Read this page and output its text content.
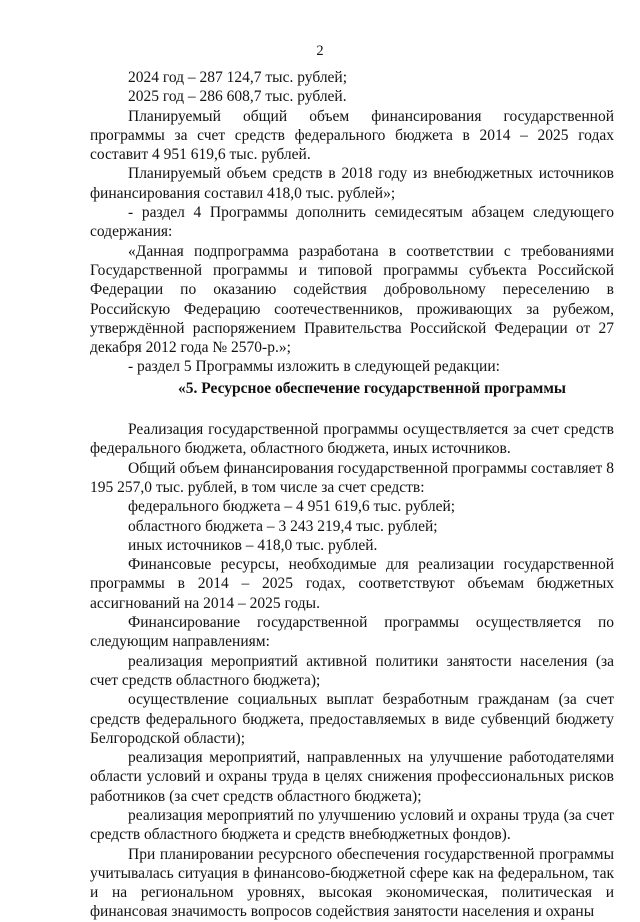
2

2024 год – 287 124,7 тыс. рублей;

2025 год – 286 608,7 тыс. рублей.

Планируемый общий объем финансирования государственной программы за счет средств федерального бюджета в 2014 – 2025 годах составит 4 951 619,6 тыс. рублей.

Планируемый объем средств в 2018 году из внебюджетных источников финансирования составил 418,0 тыс. рублей»;

- раздел 4 Программы дополнить семидесятым абзацем следующего содержания:

«Данная подпрограмма разработана в соответствии с требованиями Государственной программы и типовой программы субъекта Российской Федерации по оказанию содействия добровольному переселению в Российскую Федерацию соотечественников, проживающих за рубежом, утверждённой распоряжением Правительства Российской Федерации от 27 декабря 2012 года № 2570-р.»;

- раздел 5 Программы изложить в следующей редакции:

«5. Ресурсное обеспечение государственной программы

Реализация государственной программы осуществляется за счет средств федерального бюджета, областного бюджета, иных источников.

Общий объем финансирования государственной программы составляет 8 195 257,0 тыс. рублей, в том числе за счет средств:

федерального бюджета – 4 951 619,6 тыс. рублей;

областного бюджета – 3 243 219,4 тыс. рублей;

иных источников – 418,0 тыс. рублей.

Финансовые ресурсы, необходимые для реализации государственной программы в 2014 – 2025 годах, соответствуют объемам бюджетных ассигнований на 2014 – 2025 годы.

Финансирование государственной программы осуществляется по следующим направлениям:

реализация мероприятий активной политики занятости населения (за счет средств областного бюджета);

осуществление социальных выплат безработным гражданам (за счет средств федерального бюджета, предоставляемых в виде субвенций бюджету Белгородской области);

реализация мероприятий, направленных на улучшение работодателями области условий и охраны труда в целях снижения профессиональных рисков работников (за счет средств областного бюджета);

реализация мероприятий по улучшению условий и охраны труда (за счет средств областного бюджета и средств внебюджетных фондов).

При планировании ресурсного обеспечения государственной программы учитывалась ситуация в финансово-бюджетной сфере как на федеральном, так и на региональном уровнях, высокая экономическая, политическая и финансовая значимость вопросов содействия занятости населения и охраны
